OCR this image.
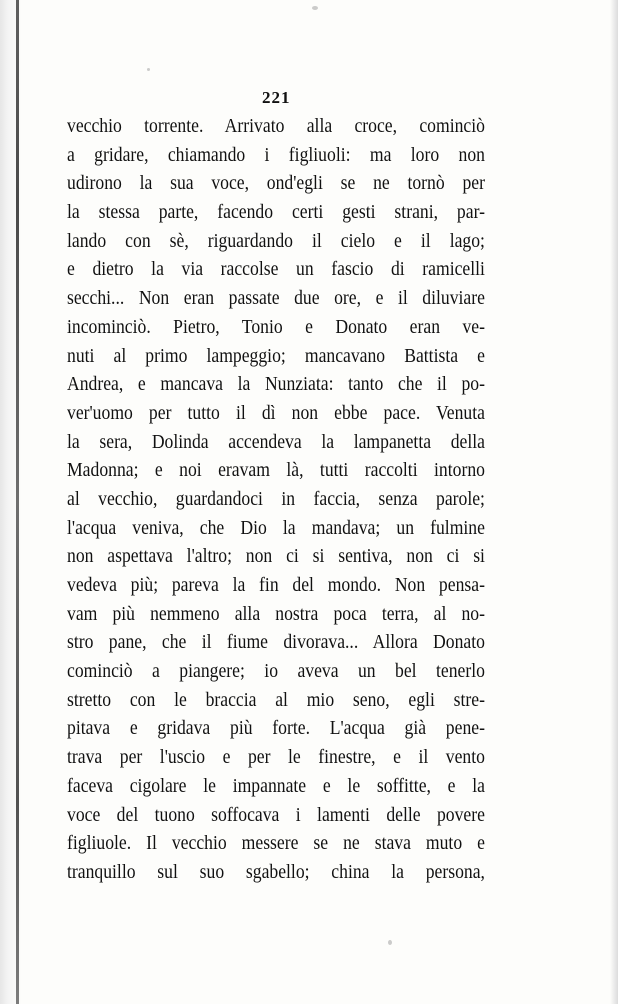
221
vecchio torrente. Arrivato alla croce, cominciò
a gridare, chiamando i figliuoli: ma loro non
udirono la sua voce, ond'egli se ne tornò per
la stessa parte, facendo certi gesti strani, par-
lando con sè, riguardando il cielo e il lago;
e dietro la via raccolse un fascio di ramicelli
secchi... Non eran passate due ore, e il diluviare
incominciò. Pietro, Tonio e Donato eran ve-
nuti al primo lampeggio; mancavano Battista e
Andrea, e mancava la Nunziata: tanto che il po-
ver'uomo per tutto il dì non ebbe pace. Venuta
la sera, Dolinda accendeva la lampanetta della
Madonna; e noi eravam là, tutti raccolti intorno
al vecchio, guardandoci in faccia, senza parole;
l'acqua veniva, che Dio la mandava; un fulmine
non aspettava l'altro; non ci si sentiva, non ci si
vedeva più; pareva la fin del mondo. Non pensa-
vam più nemmeno alla nostra poca terra, al no-
stro pane, che il fiume divorava... Allora Donato
cominciò a piangere; io aveva un bel tenerlo
stretto con le braccia al mio seno, egli stre-
pitava e gridava più forte. L'acqua già pene-
trava per l'uscio e per le finestre, e il vento
faceva cigolare le impannate e le soffitte, e la
voce del tuono soffocava i lamenti delle povere
figliuole. Il vecchio messere se ne stava muto e
tranquillo sul suo sgabello; china la persona,
